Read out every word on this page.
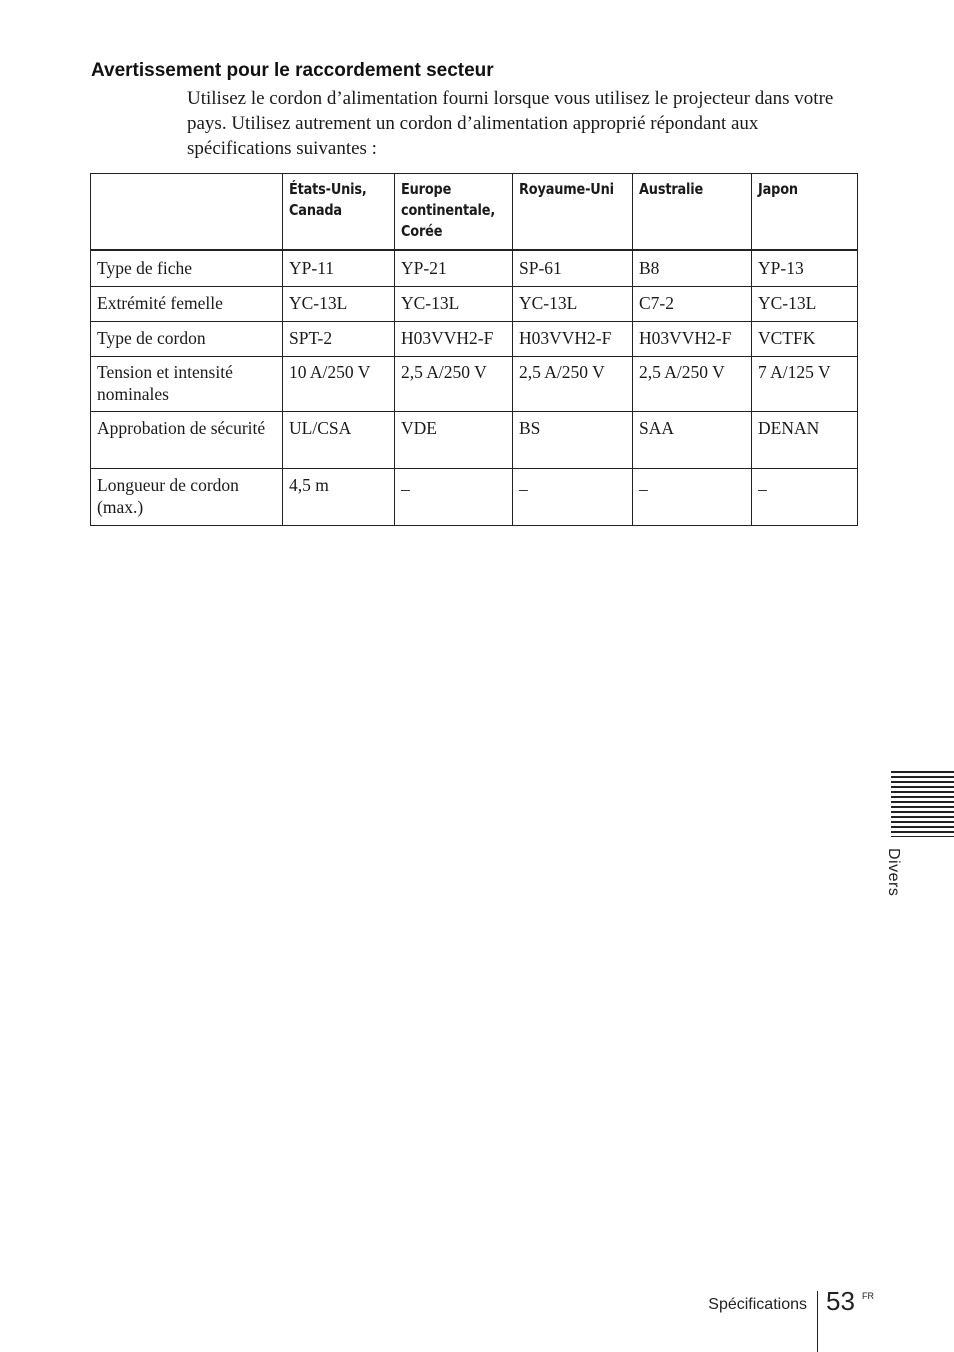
Avertissement pour le raccordement secteur

Utilisez le cordon d’alimentation fourni lorsque vous utilisez le projecteur dans votre pays. Utilisez autrement un cordon d’alimentation approprié répondant aux spécifications suivantes :

	États-Unis, Canada	Europe continentale, Corée	Royaume-Uni	Australie	Japon
Type de fiche	YP-11	YP-21	SP-61	B8	YP-13
Extrémité femelle	YC-13L	YC-13L	YC-13L	C7-2	YC-13L
Type de cordon	SPT-2	H03VVH2-F	H03VVH2-F	H03VVH2-F	VCTFK
Tension et intensité nominales	10 A/250 V	2,5 A/250 V	2,5 A/250 V	2,5 A/250 V	7 A/125 V
Approbation de sécurité	UL/CSA	VDE	BS	SAA	DENAN
Longueur de cordon (max.)	4,5 m	–	–	–	–
Divers
Spécifications 53 FR
